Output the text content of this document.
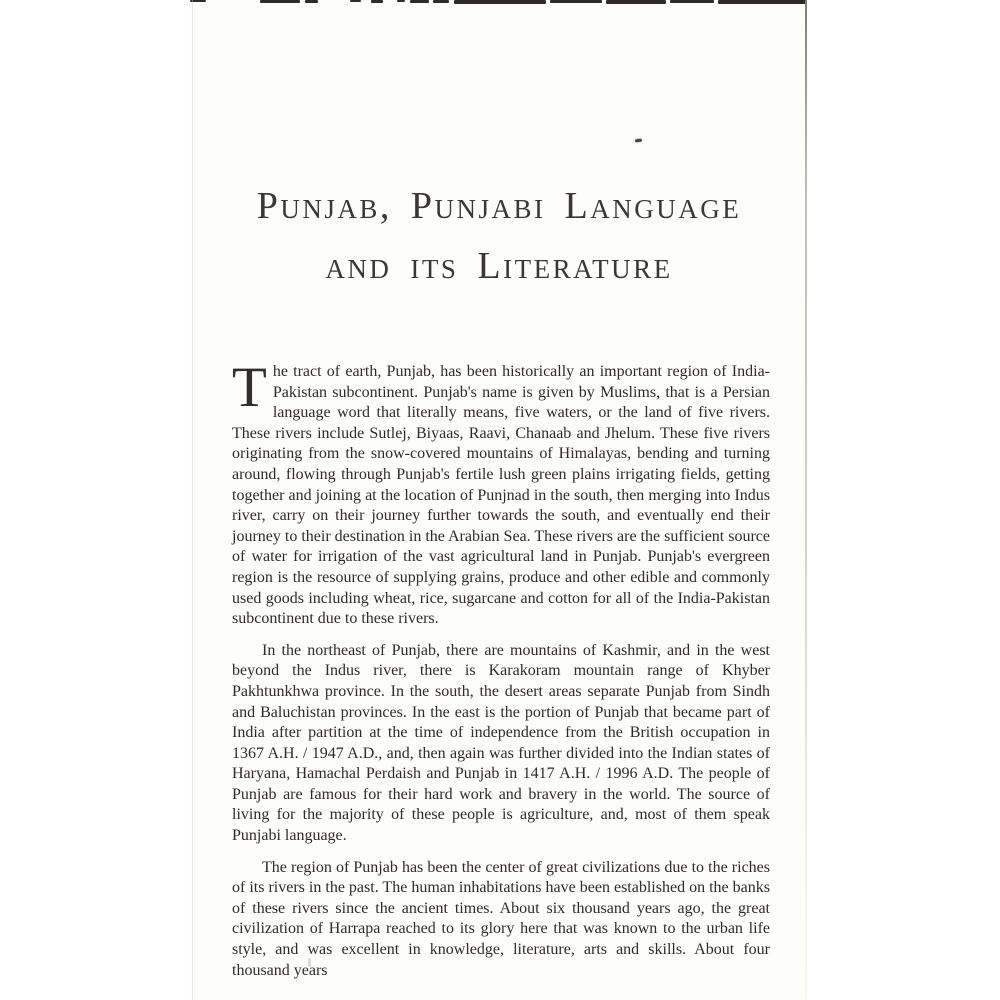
Punjab, Punjabi Language
and its Literature

The tract of earth, Punjab, has been historically an important region of India-Pakistan subcontinent. Punjab's name is given by Muslims, that is a Persian language word that literally means, five waters, or the land of five rivers. These rivers include Sutlej, Biyaas, Raavi, Chanaab and Jhelum. These five rivers originating from the snow-covered mountains of Himalayas, bending and turning around, flowing through Punjab's fertile lush green plains irrigating fields, getting together and joining at the location of Punjnad in the south, then merging into Indus river, carry on their journey further towards the south, and eventually end their journey to their destination in the Arabian Sea. These rivers are the sufficient source of water for irrigation of the vast agricultural land in Punjab. Punjab's evergreen region is the resource of supplying grains, produce and other edible and commonly used goods including wheat, rice, sugarcane and cotton for all of the India-Pakistan subcontinent due to these rivers.

In the northeast of Punjab, there are mountains of Kashmir, and in the west beyond the Indus river, there is Karakoram mountain range of Khyber Pakhtunkhwa province. In the south, the desert areas separate Punjab from Sindh and Baluchistan provinces. In the east is the portion of Punjab that became part of India after partition at the time of independence from the British occupation in 1367 A.H. / 1947 A.D., and, then again was further divided into the Indian states of Haryana, Hamachal Perdaish and Punjab in 1417 A.H. / 1996 A.D. The people of Punjab are famous for their hard work and bravery in the world. The source of living for the majority of these people is agriculture, and, most of them speak Punjabi language.

The region of Punjab has been the center of great civilizations due to the riches of its rivers in the past. The human inhabitations have been established on the banks of these rivers since the ancient times. About six thousand years ago, the great civilization of Harrapa reached to its glory here that was known to the urban life style, and was excellent in knowledge, literature, arts and skills. About four thousand years
